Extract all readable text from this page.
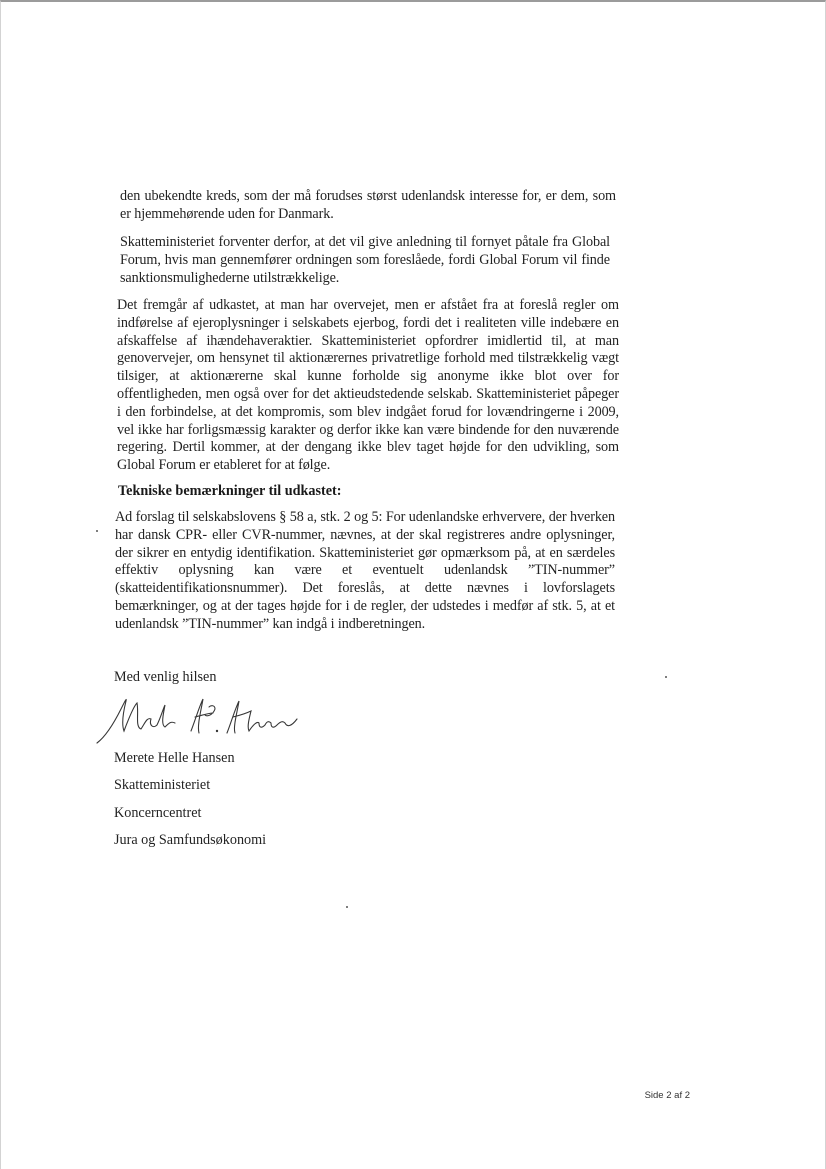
den ubekendte kreds, som der må forudses størst udenlandsk interesse for, er dem, som er hjemmehørende uden for Danmark.
Skatteministeriet forventer derfor, at det vil give anledning til fornyet påtale fra Global Forum, hvis man gennemfører ordningen som foreslåede, fordi Global Forum vil finde sanktionsmulighederne utilstrækkelige.
Det fremgår af udkastet, at man har overvejet, men er afstået fra at foreslå regler om indførelse af ejeroplysninger i selskabets ejerbog, fordi det i realiteten ville indebære en afskaffelse af ihændehaveraktier. Skatteministeriet opfordrer imidlertid til, at man genovervejer, om hensynet til aktionærernes privatretlige forhold med tilstrækkelig vægt tilsiger, at aktionærerne skal kunne forholde sig anonyme ikke blot over for offentligheden, men også over for det aktieudstedende selskab. Skatteministeriet påpeger i den forbindelse, at det kompromis, som blev indgået forud for lovændringerne i 2009, vel ikke har forligsmæssig karakter og derfor ikke kan være bindende for den nuværende regering. Dertil kommer, at der dengang ikke blev taget højde for den udvikling, som Global Forum er etableret for at følge.
Tekniske bemærkninger til udkastet:
Ad forslag til selskabslovens § 58 a, stk. 2 og 5: For udenlandske erhververe, der hverken har dansk CPR- eller CVR-nummer, nævnes, at der skal registreres andre oplysninger, der sikrer en entydig identifikation. Skatteministeriet gør opmærksom på, at en særdeles effektiv oplysning kan være et eventuelt udenlandsk ”TIN-nummer” (skatteidentifikationsnummer). Det foreslås, at dette nævnes i lovforslagets bemærkninger, og at der tages højde for i de regler, der udstedes i medfør af stk. 5, at et udenlandsk ”TIN-nummer” kan indgå i indberetningen.
Med venlig hilsen
Merete Helle Hansen
Skatteministeriet
Koncerncentret
Jura og Samfundsøkonomi
Side 2 af 2
